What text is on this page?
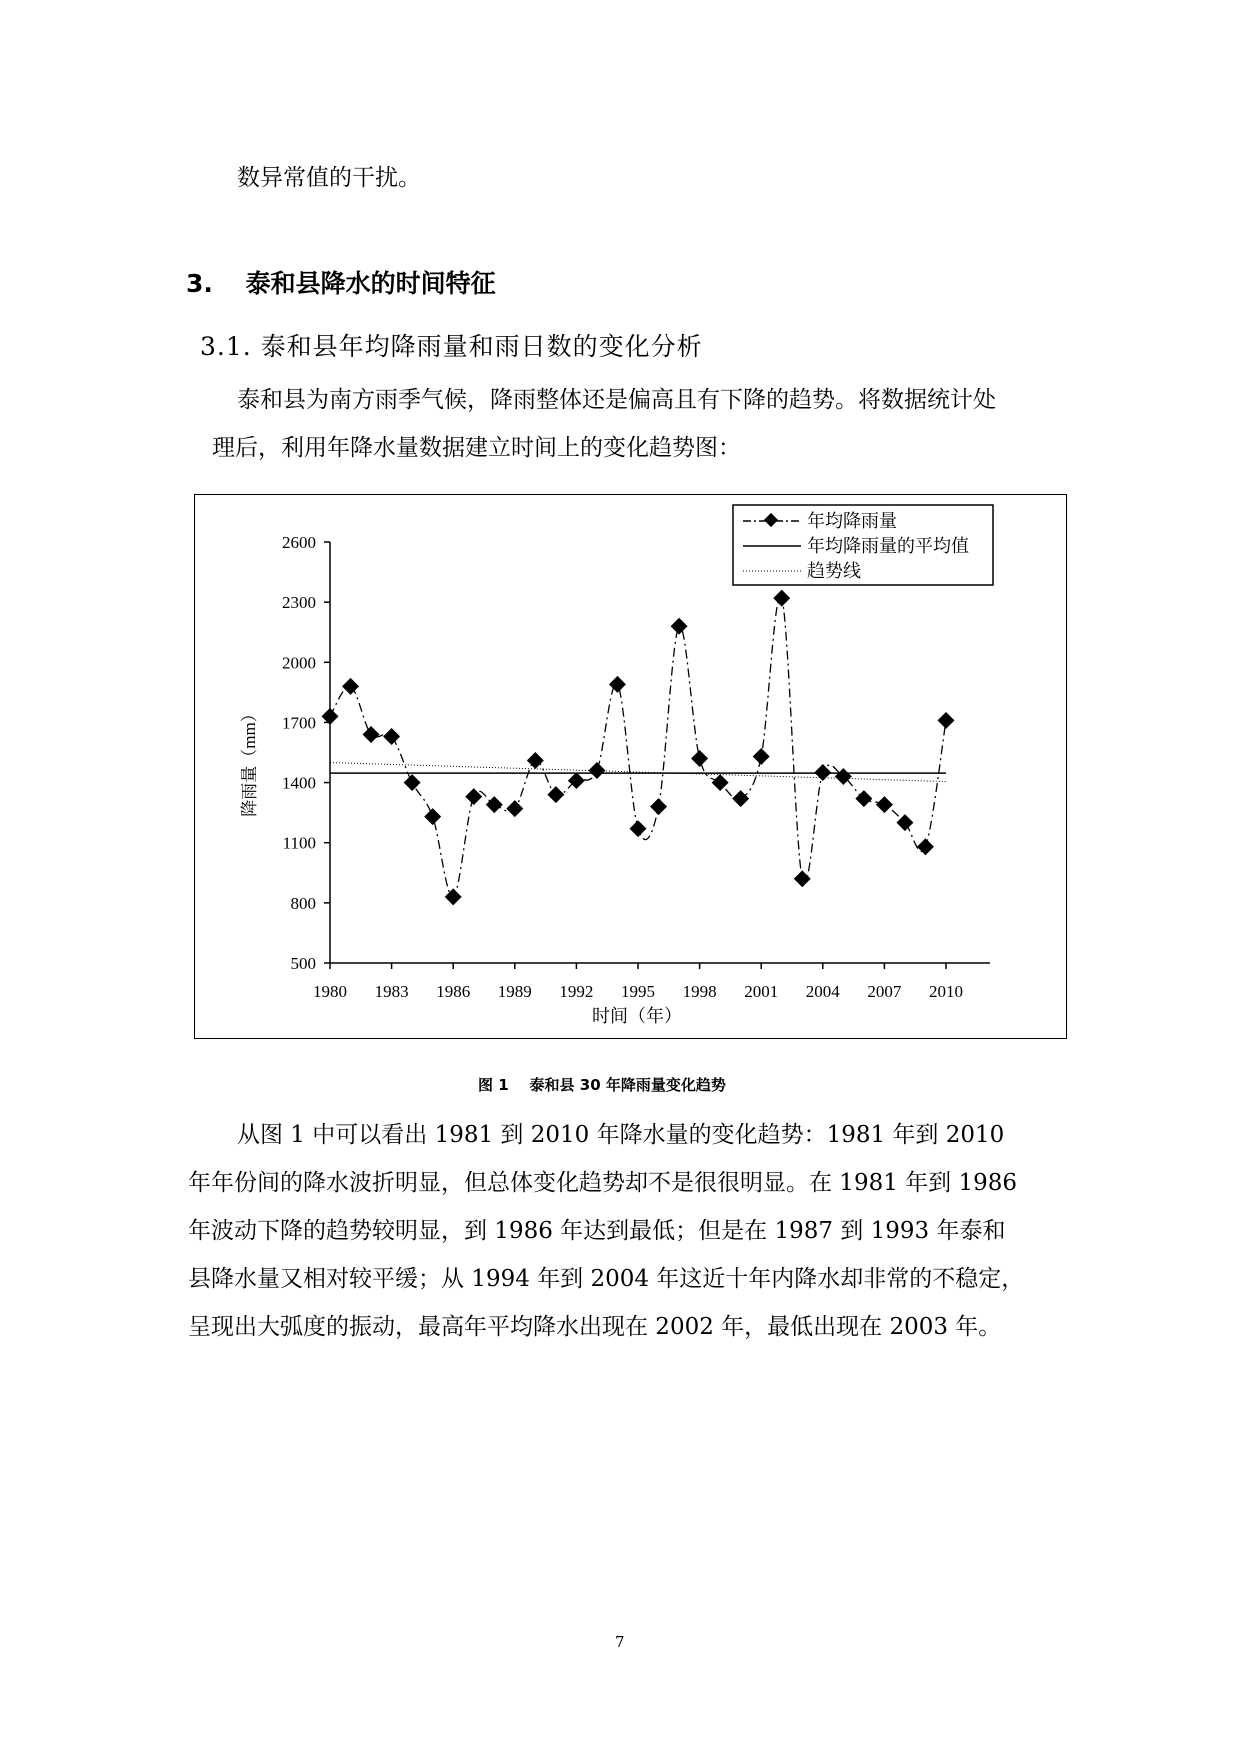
数异常值的干扰。
3. 泰和县降水的时间特征
3.1. 泰和县年均降雨量和雨日数的变化分析
泰和县为南方雨季气候，降雨整体还是偏高且有下降的趋势。将数据统计处
理后，利用年降水量数据建立时间上的变化趋势图：
500
800
1100
1400
1700
2000
2300
2600
1980 1983 1986 1989 1992 1995 1998 2001 2004 2007 2010
时间（年）
降雨量（mm）
年均降雨量
年均降雨量的平均值
趋势线
图 1    泰和县 30 年降雨量变化趋势
从图 1 中可以看出 1981 到 2010 年降水量的变化趋势：1981 年到 2010
年年份间的降水波折明显，但总体变化趋势却不是很很明显。在 1981 年到 1986
年波动下降的趋势较明显，到 1986 年达到最低；但是在 1987 到 1993 年泰和
县降水量又相对较平缓；从 1994 年到 2004 年这近十年内降水却非常的不稳定，
呈现出大弧度的振动，最高年平均降水出现在 2002 年，最低出现在 2003 年。
7
